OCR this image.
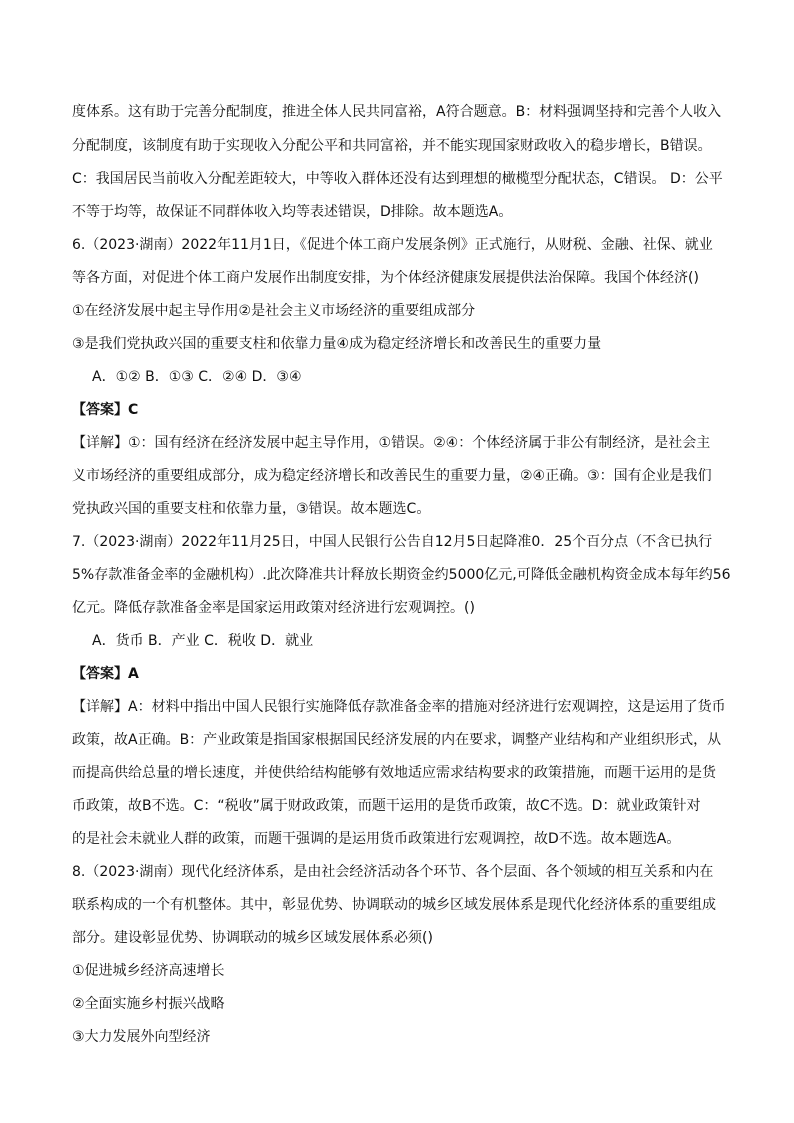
度体系。这有助于完善分配制度，推进全体人民共同富裕，A符合题意。B：材料强调坚持和完善个人收入
分配制度，该制度有助于实现收入分配公平和共同富裕，并不能实现国家财政收入的稳步增长，B错误。
C：我国居民当前收入分配差距较大，中等收入群体还没有达到理想的橄榄型分配状态，C错误。 D：公平
不等于均等，故保证不同群体收入均等表述错误，D排除。故本题选A。
6.（2023·湖南）2022年11月1日，《促进个体工商户发展条例》正式施行，从财税、金融、社保、就业
等各方面，对促进个体工商户发展作出制度安排，为个体经济健康发展提供法治保障。我国个体经济()
①在经济发展中起主导作用②是社会主义市场经济的重要组成部分
③是我们党执政兴国的重要支柱和依靠力量④成为稳定经济增长和改善民生的重要力量
A．①② B．①③ C．②④ D．③④
【答案】C
【详解】①：国有经济在经济发展中起主导作用，①错误。②④：个体经济属于非公有制经济，是社会主
义市场经济的重要组成部分，成为稳定经济增长和改善民生的重要力量，②④正确。③：国有企业是我们
党执政兴国的重要支柱和依靠力量，③错误。故本题选C。
7.（2023·湖南）2022年11月25日，中国人民银行公告自12月5日起降准0．25个百分点（不含已执行
5%存款准备金率的金融机构）.此次降准共计释放长期资金约5000亿元,可降低金融机构资金成本每年约56
亿元。降低存款准备金率是国家运用政策对经济进行宏观调控。()
A．货币 B．产业 C．税收 D．就业
【答案】A
【详解】A：材料中指出中国人民银行实施降低存款准备金率的措施对经济进行宏观调控，这是运用了货币
政策，故A正确。B：产业政策是指国家根据国民经济发展的内在要求，调整产业结构和产业组织形式，从
而提高供给总量的增长速度，并使供给结构能够有效地适应需求结构要求的政策措施，而题干运用的是货
币政策，故B不选。C：“税收”属于财政政策，而题干运用的是货币政策，故C不选。D：就业政策针对
的是社会未就业人群的政策，而题干强调的是运用货币政策进行宏观调控，故D不选。故本题选A。
8.（2023·湖南）现代化经济体系，是由社会经济活动各个环节、各个层面、各个领域的相互关系和内在
联系构成的一个有机整体。其中，彰显优势、协调联动的城乡区域发展体系是现代化经济体系的重要组成
部分。建设彰显优势、协调联动的城乡区域发展体系必须()
①促进城乡经济高速增长
②全面实施乡村振兴战略
③大力发展外向型经济
